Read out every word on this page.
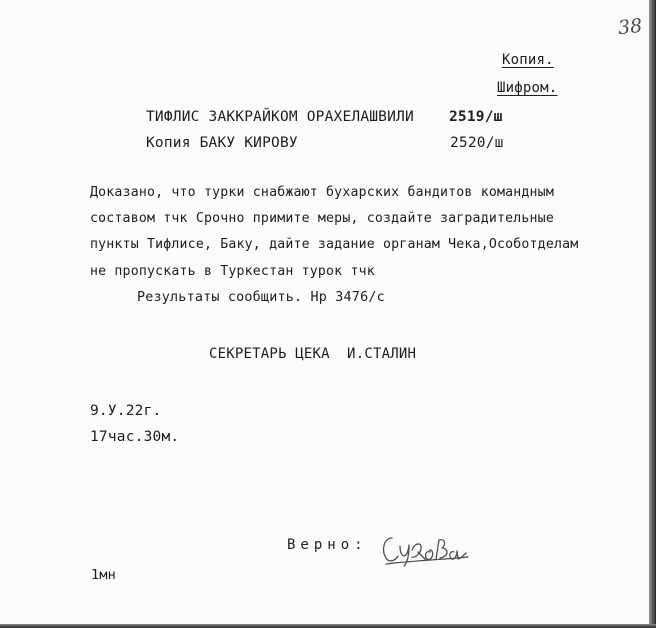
38
Копия.
Шифром.
ТИФЛИС ЗАККРАЙКОМ ОРАХЕЛАШВИЛИ 2519/ш
Копия БАКУ КИРОВУ	2520/ш
Доказано, что турки снабжают бухарских бандитов командным
составом тчк Срочно примите меры, создайте заградительные
пункты Тифлисе, Баку, дайте задание органам Чека,Особотделам
не пропускать в Туркестан турок тчк
Результаты сообщить. Нр 3476/с
СЕКРЕТАРЬ ЦЕКА  И.СТАЛИН
9.У.22г.
17час.30м.
Верно:
1мн
